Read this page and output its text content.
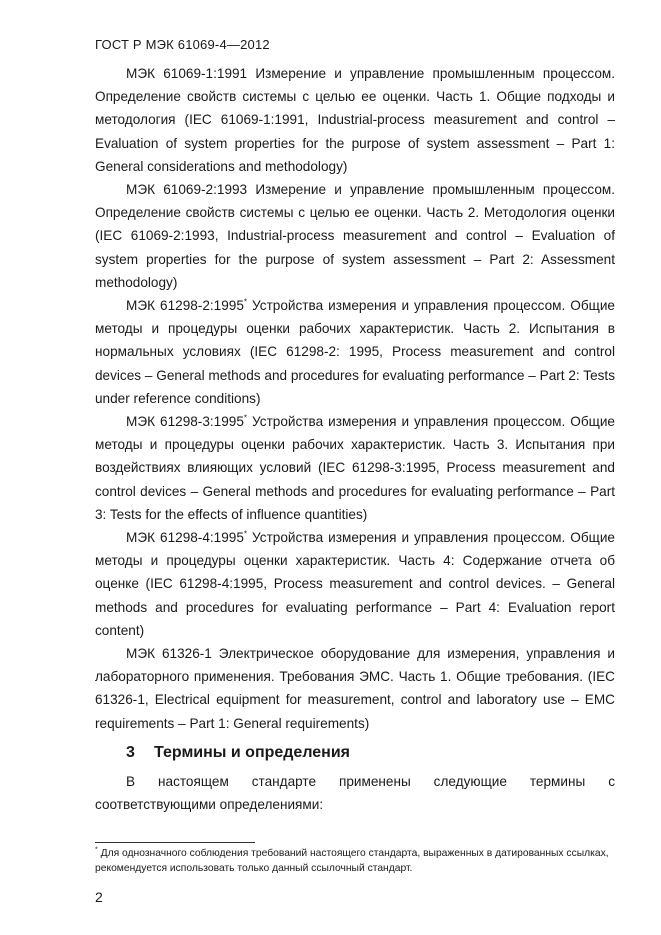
ГОСТ Р МЭК 61069-4—2012

МЭК 61069-1:1991 Измерение и управление промышленным процессом. Определение свойств системы с целью ее оценки. Часть 1. Общие подходы и методология (IEC 61069-1:1991, Industrial-process measurement and control – Evaluation of system properties for the purpose of system assessment – Part 1: General considerations and methodology)

МЭК 61069-2:1993 Измерение и управление промышленным процессом. Определение свойств системы с целью ее оценки. Часть 2. Методология оценки (IEC 61069-2:1993, Industrial-process measurement and control – Evaluation of system properties for the purpose of system assessment – Part 2: Assessment methodology)

МЭК 61298-2:1995* Устройства измерения и управления процессом. Общие методы и процедуры оценки рабочих характеристик. Часть 2. Испытания в нормальных условиях (IEC 61298-2: 1995, Process measurement and control devices – General methods and procedures for evaluating performance – Part 2: Tests under reference conditions)

МЭК 61298-3:1995* Устройства измерения и управления процессом. Общие методы и процедуры оценки рабочих характеристик. Часть 3. Испытания при воздействиях влияющих условий (IEC 61298-3:1995, Process measurement and control devices – General methods and procedures for evaluating performance – Part 3: Tests for the effects of influence quantities)

МЭК 61298-4:1995* Устройства измерения и управления процессом. Общие методы и процедуры оценки характеристик. Часть 4: Содержание отчета об оценке (IEC 61298-4:1995, Process measurement and control devices. – General methods and procedures for evaluating performance – Part 4: Evaluation report content)

МЭК 61326-1 Электрическое оборудование для измерения, управления и лабораторного применения. Требования ЭМС. Часть 1. Общие требования. (IEC 61326-1, Electrical equipment for measurement, control and laboratory use – EMC requirements – Part 1: General requirements)

3 Термины и определения

В настоящем стандарте применены следующие термины с соответствующими определениями:

* Для однозначного соблюдения требований настоящего стандарта, выраженных в датированных ссылках, рекомендуется использовать только данный ссылочный стандарт.
2
